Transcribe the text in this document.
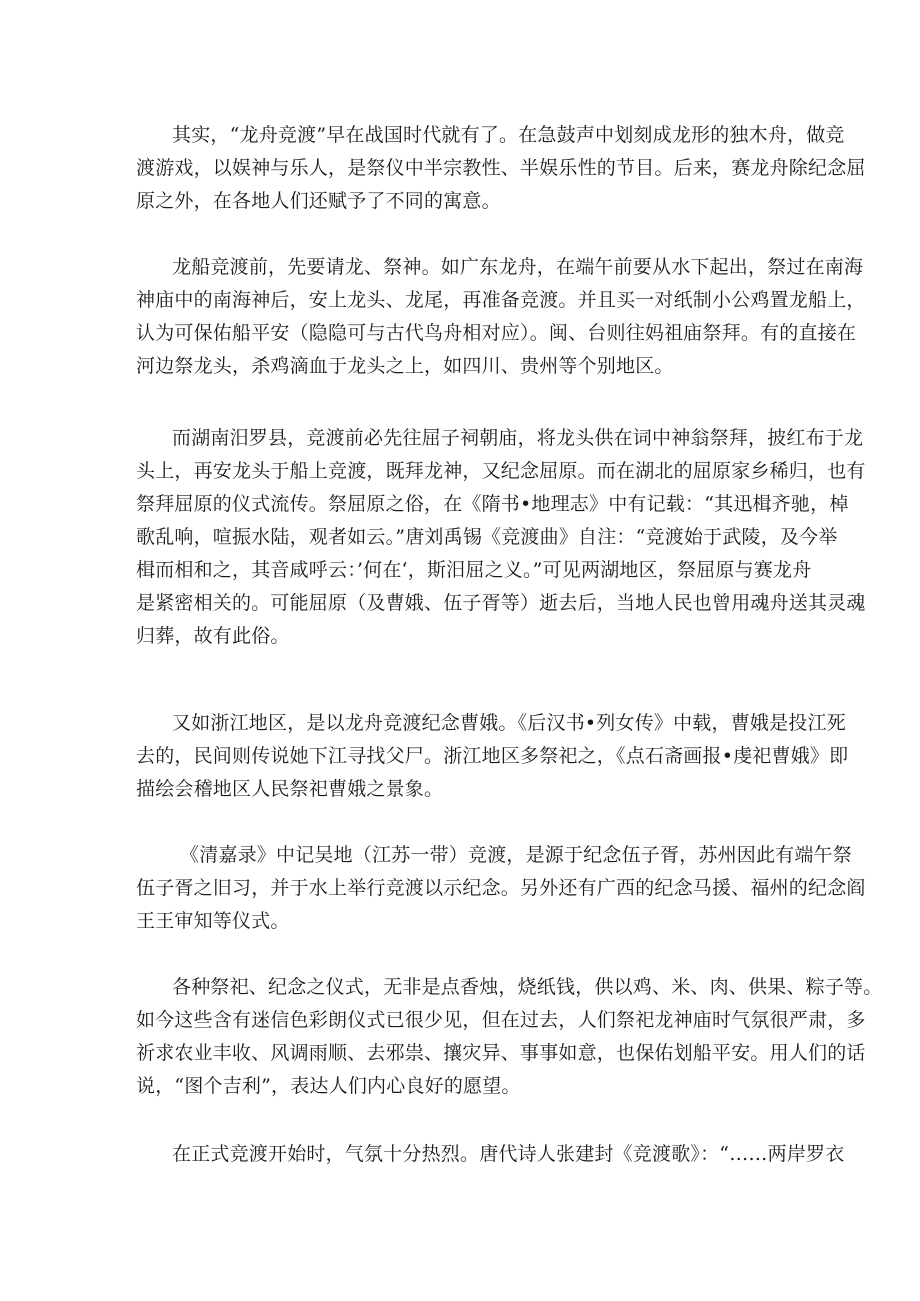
其实，“龙舟竞渡”早在战国时代就有了。在急鼓声中划刻成龙形的独木舟，做竞
渡游戏，以娱神与乐人，是祭仪中半宗教性、半娱乐性的节目。后来，赛龙舟除纪念屈
原之外，在各地人们还赋予了不同的寓意。
龙船竞渡前，先要请龙、祭神。如广东龙舟，在端午前要从水下起出，祭过在南海
神庙中的南海神后，安上龙头、龙尾，再准备竞渡。并且买一对纸制小公鸡置龙船上，
认为可保佑船平安（隐隐可与古代鸟舟相对应）。闽、台则往妈祖庙祭拜。有的直接在
河边祭龙头，杀鸡滴血于龙头之上，如四川、贵州等个别地区。
而湖南汨罗县，竞渡前必先往屈子祠朝庙，将龙头供在词中神翁祭拜，披红布于龙
头上，再安龙头于船上竞渡，既拜龙神，又纪念屈原。而在湖北的屈原家乡稀归，也有
祭拜屈原的仪式流传。祭屈原之俗，在《隋书•地理志》中有记载：“其迅楫齐驰，棹
歌乱响，喧振水陆，观者如云。”唐刘禹锡《竞渡曲》自注：“竞渡始于武陵，及今举
楫而相和之，其音咸呼云：’何在‘，斯汨屈之义。”可见两湖地区，祭屈原与赛龙舟
是紧密相关的。可能屈原（及曹娥、伍子胥等）逝去后，当地人民也曾用魂舟送其灵魂
归葬，故有此俗。
又如浙江地区，是以龙舟竞渡纪念曹娥。《后汉书•列女传》中载，曹娥是投江死
去的，民间则传说她下江寻找父尸。浙江地区多祭祀之，《点石斋画报•虔祀曹娥》即
描绘会稽地区人民祭祀曹娥之景象。
《清嘉录》中记吴地（江苏一带）竞渡，是源于纪念伍子胥，苏州因此有端午祭
伍子胥之旧习，并于水上举行竞渡以示纪念。另外还有广西的纪念马援、福州的纪念阎
王王审知等仪式。
各种祭祀、纪念之仪式，无非是点香烛，烧纸钱，供以鸡、米、肉、供果、粽子等。
如今这些含有迷信色彩朗仪式已很少见，但在过去，人们祭祀龙神庙时气氛很严肃，多
祈求农业丰收、风调雨顺、去邪祟、攘灾异、事事如意，也保佑划船平安。用人们的话
说，“图个吉利”，表达人们内心良好的愿望。
在正式竞渡开始时，气氛十分热烈。唐代诗人张建封《竞渡歌》：“……两岸罗衣
